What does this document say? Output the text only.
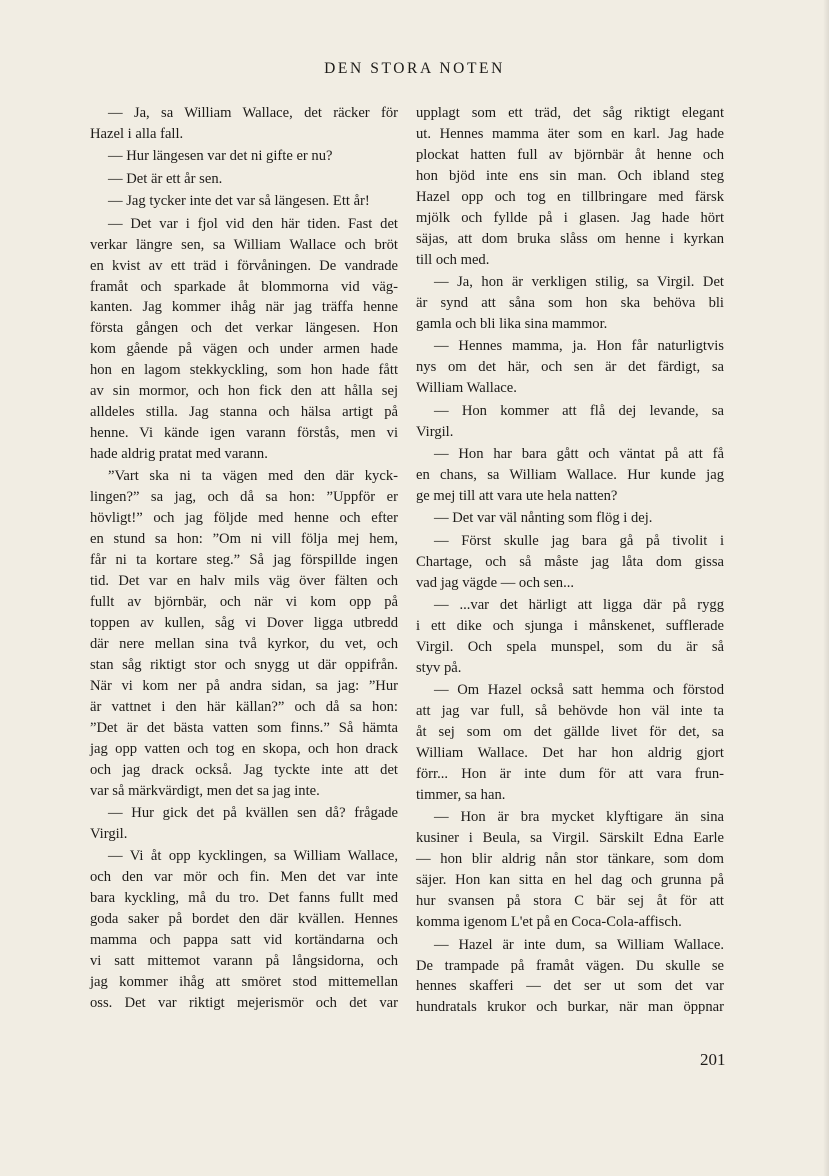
DEN STORA NOTEN
— Ja, sa William Wallace, det räcker för
Hazel i alla fall.
— Hur längesen var det ni gifte er nu?
— Det är ett år sen.
— Jag tycker inte det var så längesen. Ett år!
— Det var i fjol vid den här tiden. Fast det
verkar längre sen, sa William Wallace och bröt
en kvist av ett träd i förvåningen. De vandrade
framåt och sparkade åt blommorna vid väg-
kanten. Jag kommer ihåg när jag träffa henne
första gången och det verkar längesen. Hon
kom gående på vägen och under armen hade
hon en lagom stekkyckling, som hon hade fått
av sin mormor, och hon fick den att hålla sej
alldeles stilla. Jag stanna och hälsa artigt på
henne. Vi kände igen varann förstås, men vi
hade aldrig pratat med varann.
”Vart ska ni ta vägen med den där kyck-
lingen?” sa jag, och då sa hon: ”Uppför er
hövligt!” och jag följde med henne och efter
en stund sa hon: ”Om ni vill följa mej hem,
får ni ta kortare steg.” Så jag förspillde ingen
tid. Det var en halv mils väg över fälten och
fullt av björnbär, och när vi kom opp på
toppen av kullen, såg vi Dover ligga utbredd
där nere mellan sina två kyrkor, du vet, och
stan såg riktigt stor och snygg ut där oppifrån.
När vi kom ner på andra sidan, sa jag: ”Hur
är vattnet i den här källan?” och då sa hon:
”Det är det bästa vatten som finns.” Så hämta
jag opp vatten och tog en skopa, och hon drack
och jag drack också. Jag tyckte inte att det
var så märkvärdigt, men det sa jag inte.
— Hur gick det på kvällen sen då? frågade
Virgil.
— Vi åt opp kycklingen, sa William Wallace,
och den var mör och fin. Men det var inte
bara kyckling, må du tro. Det fanns fullt med
goda saker på bordet den där kvällen. Hennes
mamma och pappa satt vid kortändarna och
vi satt mittemot varann på långsidorna, och
jag kommer ihåg att smöret stod mittemellan
oss. Det var riktigt mejerismör och det var
upplagt som ett träd, det såg riktigt elegant
ut. Hennes mamma äter som en karl. Jag hade
plockat hatten full av björnbär åt henne och
hon bjöd inte ens sin man. Och ibland steg
Hazel opp och tog en tillbringare med färsk
mjölk och fyllde på i glasen. Jag hade hört
säjas, att dom bruka slåss om henne i kyrkan
till och med.
— Ja, hon är verkligen stilig, sa Virgil. Det
är synd att såna som hon ska behöva bli
gamla och bli lika sina mammor.
— Hennes mamma, ja. Hon får naturligtvis
nys om det här, och sen är det färdigt, sa
William Wallace.
— Hon kommer att flå dej levande, sa
Virgil.
— Hon har bara gått och väntat på att få
en chans, sa William Wallace. Hur kunde jag
ge mej till att vara ute hela natten?
— Det var väl nånting som flög i dej.
— Först skulle jag bara gå på tivolit i
Chartage, och så måste jag låta dom gissa
vad jag vägde — och sen...
— ...var det härligt att ligga där på rygg
i ett dike och sjunga i månskenet, sufflerade
Virgil. Och spela munspel, som du är så
styv på.
— Om Hazel också satt hemma och förstod
att jag var full, så behövde hon väl inte ta
åt sej som om det gällde livet för det, sa
William Wallace. Det har hon aldrig gjort
förr... Hon är inte dum för att vara frun-
timmer, sa han.
— Hon är bra mycket klyftigare än sina
kusiner i Beula, sa Virgil. Särskilt Edna Earle
— hon blir aldrig nån stor tänkare, som dom
säjer. Hon kan sitta en hel dag och grunna på
hur svansen på stora C bär sej åt för att
komma igenom L'et på en Coca-Cola-affisch.
— Hazel är inte dum, sa William Wallace.
De trampade på framåt vägen. Du skulle se
hennes skafferi — det ser ut som det var
hundratals krukor och burkar, när man öppnar
201
